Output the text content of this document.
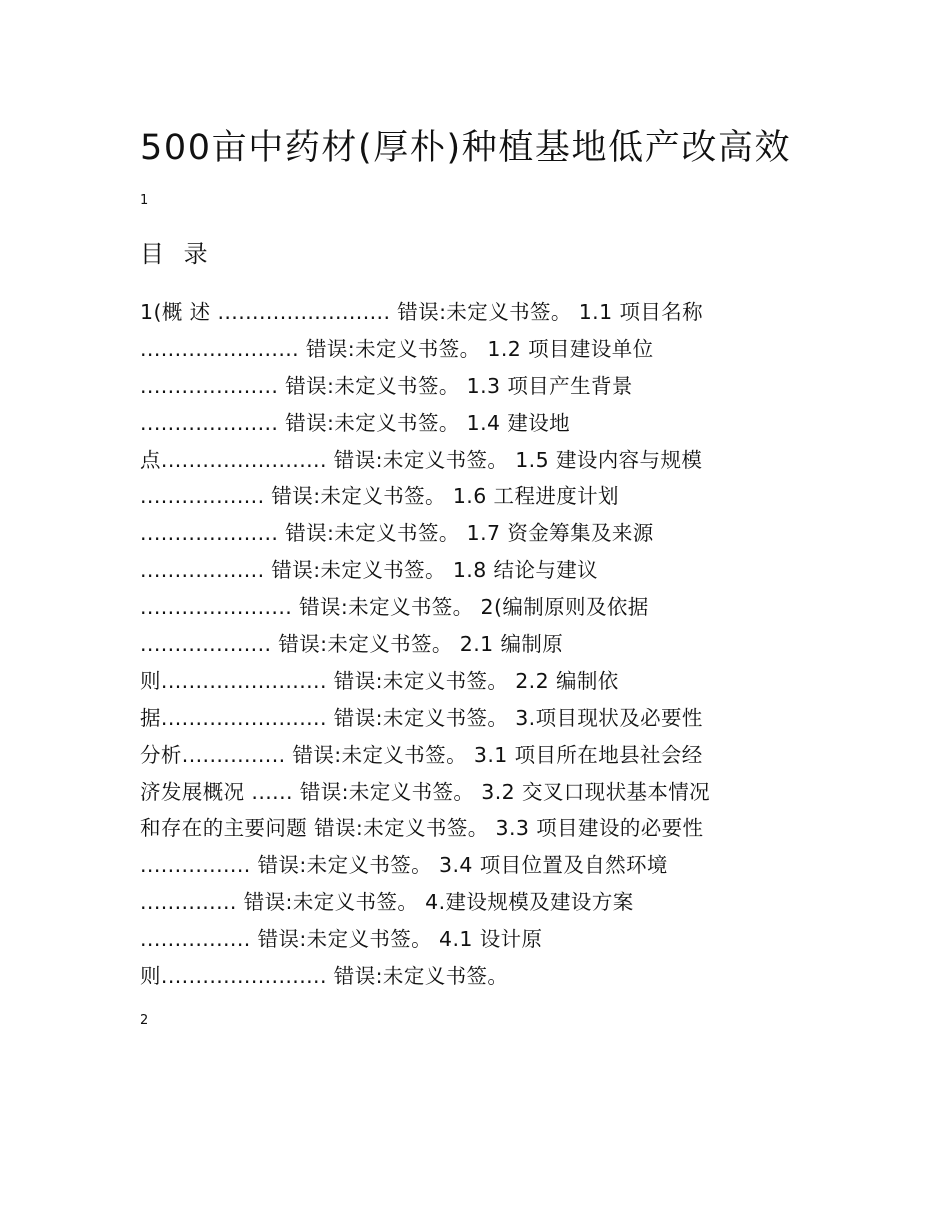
500亩中药材(厚朴)种植基地低产改高效
1
目 录
1(概 述 ......................... 错误:未定义书签。 1.1 项目名称
....................... 错误:未定义书签。 1.2 项目建设单位
.................... 错误:未定义书签。 1.3 项目产生背景
.................... 错误:未定义书签。 1.4 建设地
点........................ 错误:未定义书签。 1.5 建设内容与规模
.................. 错误:未定义书签。 1.6 工程进度计划
.................... 错误:未定义书签。 1.7 资金筹集及来源
.................. 错误:未定义书签。 1.8 结论与建议
...................... 错误:未定义书签。 2(编制原则及依据
................... 错误:未定义书签。 2.1 编制原
则........................ 错误:未定义书签。 2.2 编制依
据........................ 错误:未定义书签。 3.项目现状及必要性
分析............... 错误:未定义书签。 3.1 项目所在地县社会经
济发展概况 ...... 错误:未定义书签。 3.2 交叉口现状基本情况
和存在的主要问题 错误:未定义书签。 3.3 项目建设的必要性
................ 错误:未定义书签。 3.4 项目位置及自然环境
.............. 错误:未定义书签。 4.建设规模及建设方案
................ 错误:未定义书签。 4.1 设计原
则........................ 错误:未定义书签。
2
